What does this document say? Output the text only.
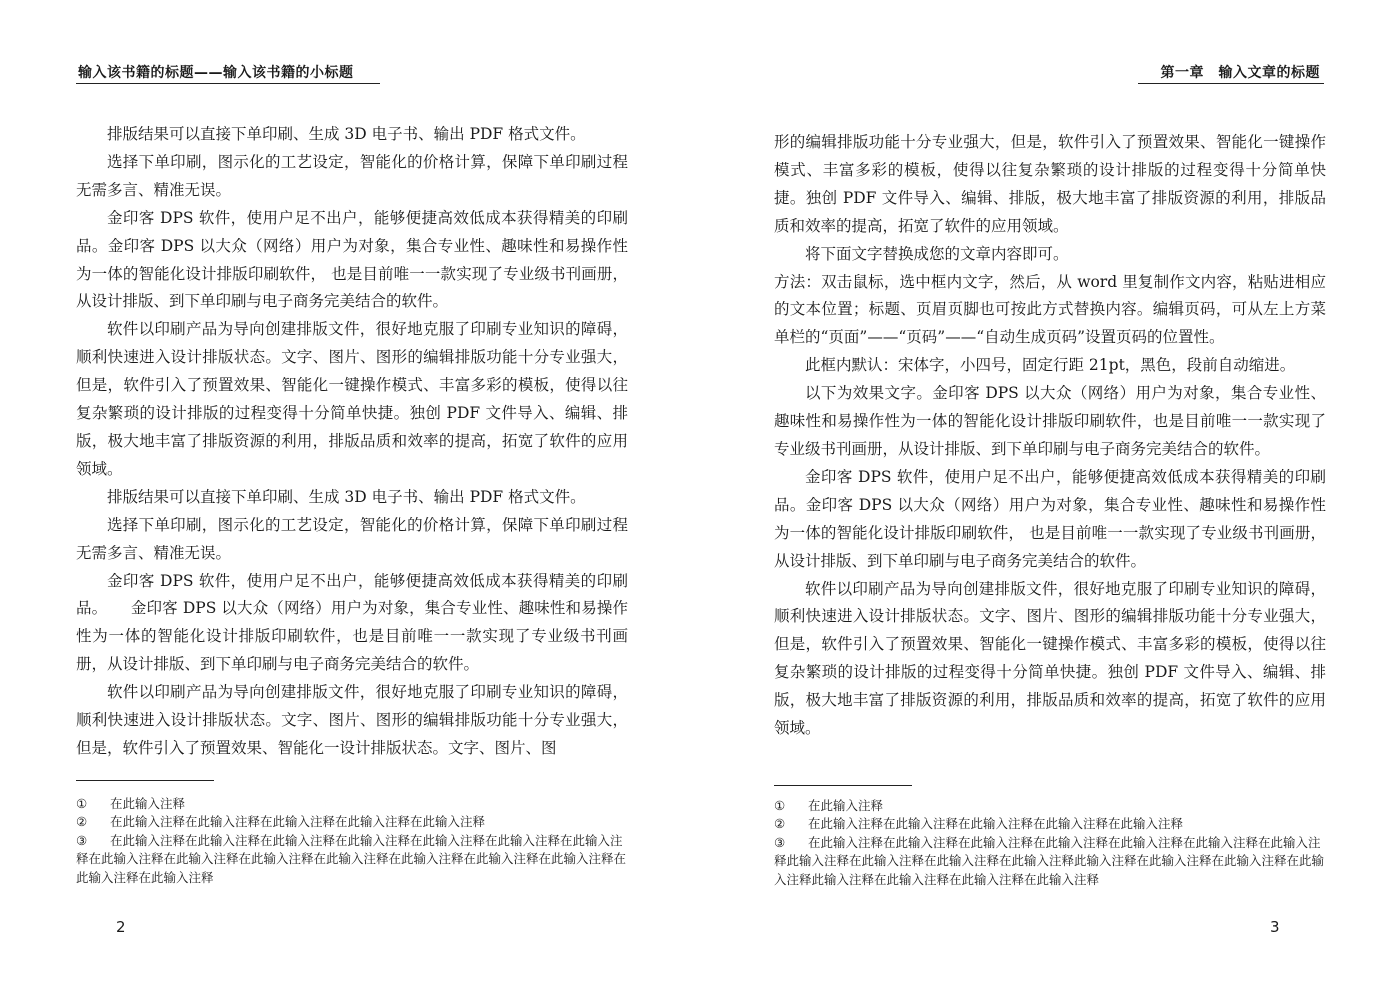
输入该书籍的标题——输入该书籍的小标题

排版结果可以直接下单印刷、生成 3D 电子书、输出 PDF 格式文件。

选择下单印刷，图示化的工艺设定，智能化的价格计算，保障下单印刷过程无需多言、精准无误。

金印客 DPS 软件，使用户足不出户，能够便捷高效低成本获得精美的印刷品。金印客 DPS 以大众（网络）用户为对象，集合专业性、趣味性和易操作性为一体的智能化设计排版印刷软件， 也是目前唯一一款实现了专业级书刊画册，从设计排版、到下单印刷与电子商务完美结合的软件。

软件以印刷产品为导向创建排版文件，很好地克服了印刷专业知识的障碍，顺利快速进入设计排版状态。文字、图片、图形的编辑排版功能十分专业强大，但是，软件引入了预置效果、智能化一键操作模式、丰富多彩的模板，使得以往复杂繁琐的设计排版的过程变得十分简单快捷。独创 PDF 文件导入、编辑、排版，极大地丰富了排版资源的利用，排版品质和效率的提高，拓宽了软件的应用领域。

排版结果可以直接下单印刷、生成 3D 电子书、输出 PDF 格式文件。

选择下单印刷，图示化的工艺设定，智能化的价格计算，保障下单印刷过程无需多言、精准无误。

金印客 DPS 软件，使用户足不出户，能够便捷高效低成本获得精美的印刷品。　　金印客 DPS 以大众（网络）用户为对象，集合专业性、趣味性和易操作性为一体的智能化设计排版印刷软件，也是目前唯一一款实现了专业级书刊画册，从设计排版、到下单印刷与电子商务完美结合的软件。

软件以印刷产品为导向创建排版文件，很好地克服了印刷专业知识的障碍，顺利快速进入设计排版状态。文字、图片、图形的编辑排版功能十分专业强大，但是，软件引入了预置效果、智能化一设计排版状态。文字、图片、图

① 在此输入注释
② 在此输入注释在此输入注释在此输入注释在此输入注释在此输入注释
③ 在此输入注释在此输入注释在此输入注释在此输入注释在此输入注释在此输入注释在此输入注释在此输入注释在此输入注释在此输入注释在此输入注释在此输入注释在此输入注释在此输入注释在此输入注释在此输入注释
2
第一章　输入文章的标题

形的编辑排版功能十分专业强大，但是，软件引入了预置效果、智能化一键操作模式、丰富多彩的模板，使得以往复杂繁琐的设计排版的过程变得十分简单快捷。独创 PDF 文件导入、编辑、排版，极大地丰富了排版资源的利用，排版品质和效率的提高，拓宽了软件的应用领域。

将下面文字替换成您的文章内容即可。

方法：双击鼠标，选中框内文字，然后，从 word 里复制作文内容，粘贴进相应的文本位置；标题、页眉页脚也可按此方式替换内容。编辑页码，可从左上方菜单栏的“页面”——“页码”——“自动生成页码”设置页码的位置性。

此框内默认：宋体字，小四号，固定行距 21pt，黑色，段前自动缩进。

以下为效果文字。金印客 DPS 以大众（网络）用户为对象，集合专业性、趣味性和易操作性为一体的智能化设计排版印刷软件，也是目前唯一一款实现了专业级书刊画册，从设计排版、到下单印刷与电子商务完美结合的软件。

金印客 DPS 软件，使用户足不出户，能够便捷高效低成本获得精美的印刷品。金印客 DPS 以大众（网络）用户为对象，集合专业性、趣味性和易操作性为一体的智能化设计排版印刷软件， 也是目前唯一一款实现了专业级书刊画册，从设计排版、到下单印刷与电子商务完美结合的软件。

软件以印刷产品为导向创建排版文件，很好地克服了印刷专业知识的障碍，顺利快速进入设计排版状态。文字、图片、图形的编辑排版功能十分专业强大，但是，软件引入了预置效果、智能化一键操作模式、丰富多彩的模板，使得以往复杂繁琐的设计排版的过程变得十分简单快捷。独创 PDF 文件导入、编辑、排版，极大地丰富了排版资源的利用，排版品质和效率的提高，拓宽了软件的应用领域。

① 在此输入注释
② 在此输入注释在此输入注释在此输入注释在此输入注释在此输入注释
③ 在此输入注释在此输入注释在此输入注释在此输入注释在此输入注释在此输入注释在此输入注释此输入注释在此输入注释在此输入注释在此输入注释此输入注释在此输入注释在此输入注释在此输入注释此输入注释在此输入注释在此输入注释在此输入注释
3
